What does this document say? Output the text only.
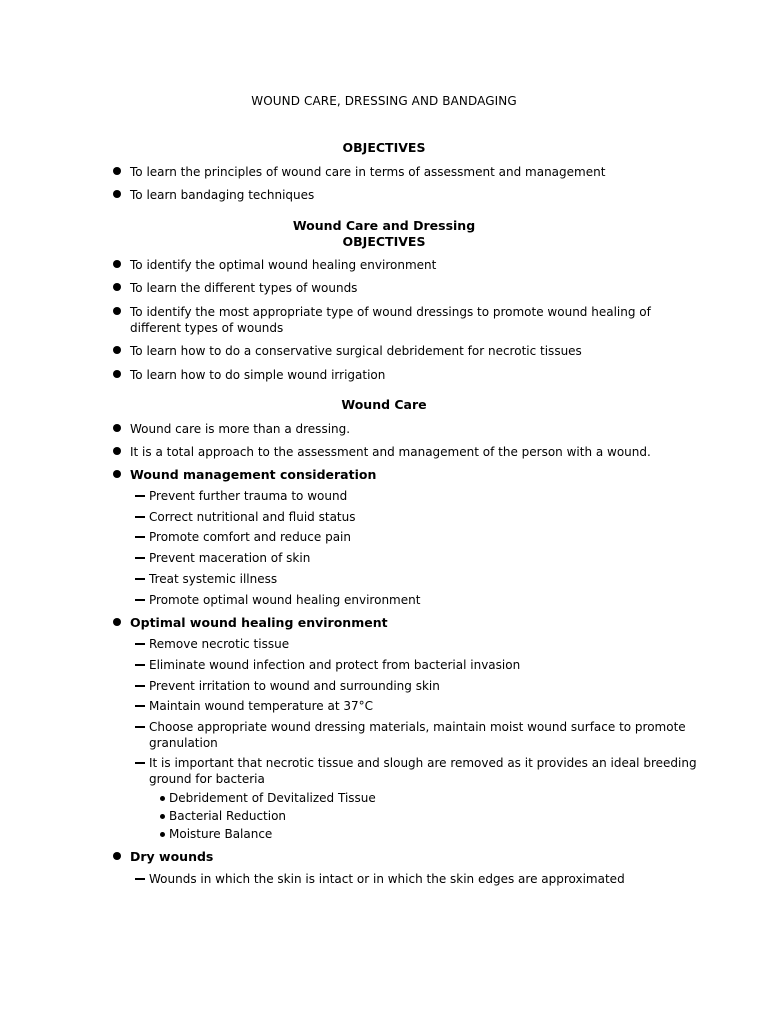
WOUND CARE, DRESSING AND BANDAGING
OBJECTIVES
To learn the principles of wound care in terms of assessment and management
To learn bandaging techniques
Wound Care and Dressing
OBJECTIVES
To identify the optimal wound healing environment
To learn the different types of wounds
To identify the most appropriate type of wound dressings to promote wound healing of
different types of wounds
To learn how to do a conservative surgical debridement for necrotic tissues
To learn how to do simple wound irrigation
Wound Care
Wound care is more than a dressing.
It is a total approach to the assessment and management of the person with a wound.
Wound management consideration
Prevent further trauma to wound
Correct nutritional and fluid status
Promote comfort and reduce pain
Prevent maceration of skin
Treat systemic illness
Promote optimal wound healing environment
Optimal wound healing environment
Remove necrotic tissue
Eliminate wound infection and protect from bacterial invasion
Prevent irritation to wound and surrounding skin
Maintain wound temperature at 37°C
Choose appropriate wound dressing materials, maintain moist wound surface to promote
granulation
It is important that necrotic tissue and slough are removed as it provides an ideal breeding
ground for bacteria
Debridement of Devitalized Tissue
Bacterial Reduction
Moisture Balance
Dry wounds
Wounds in which the skin is intact or in which the skin edges are approximated
